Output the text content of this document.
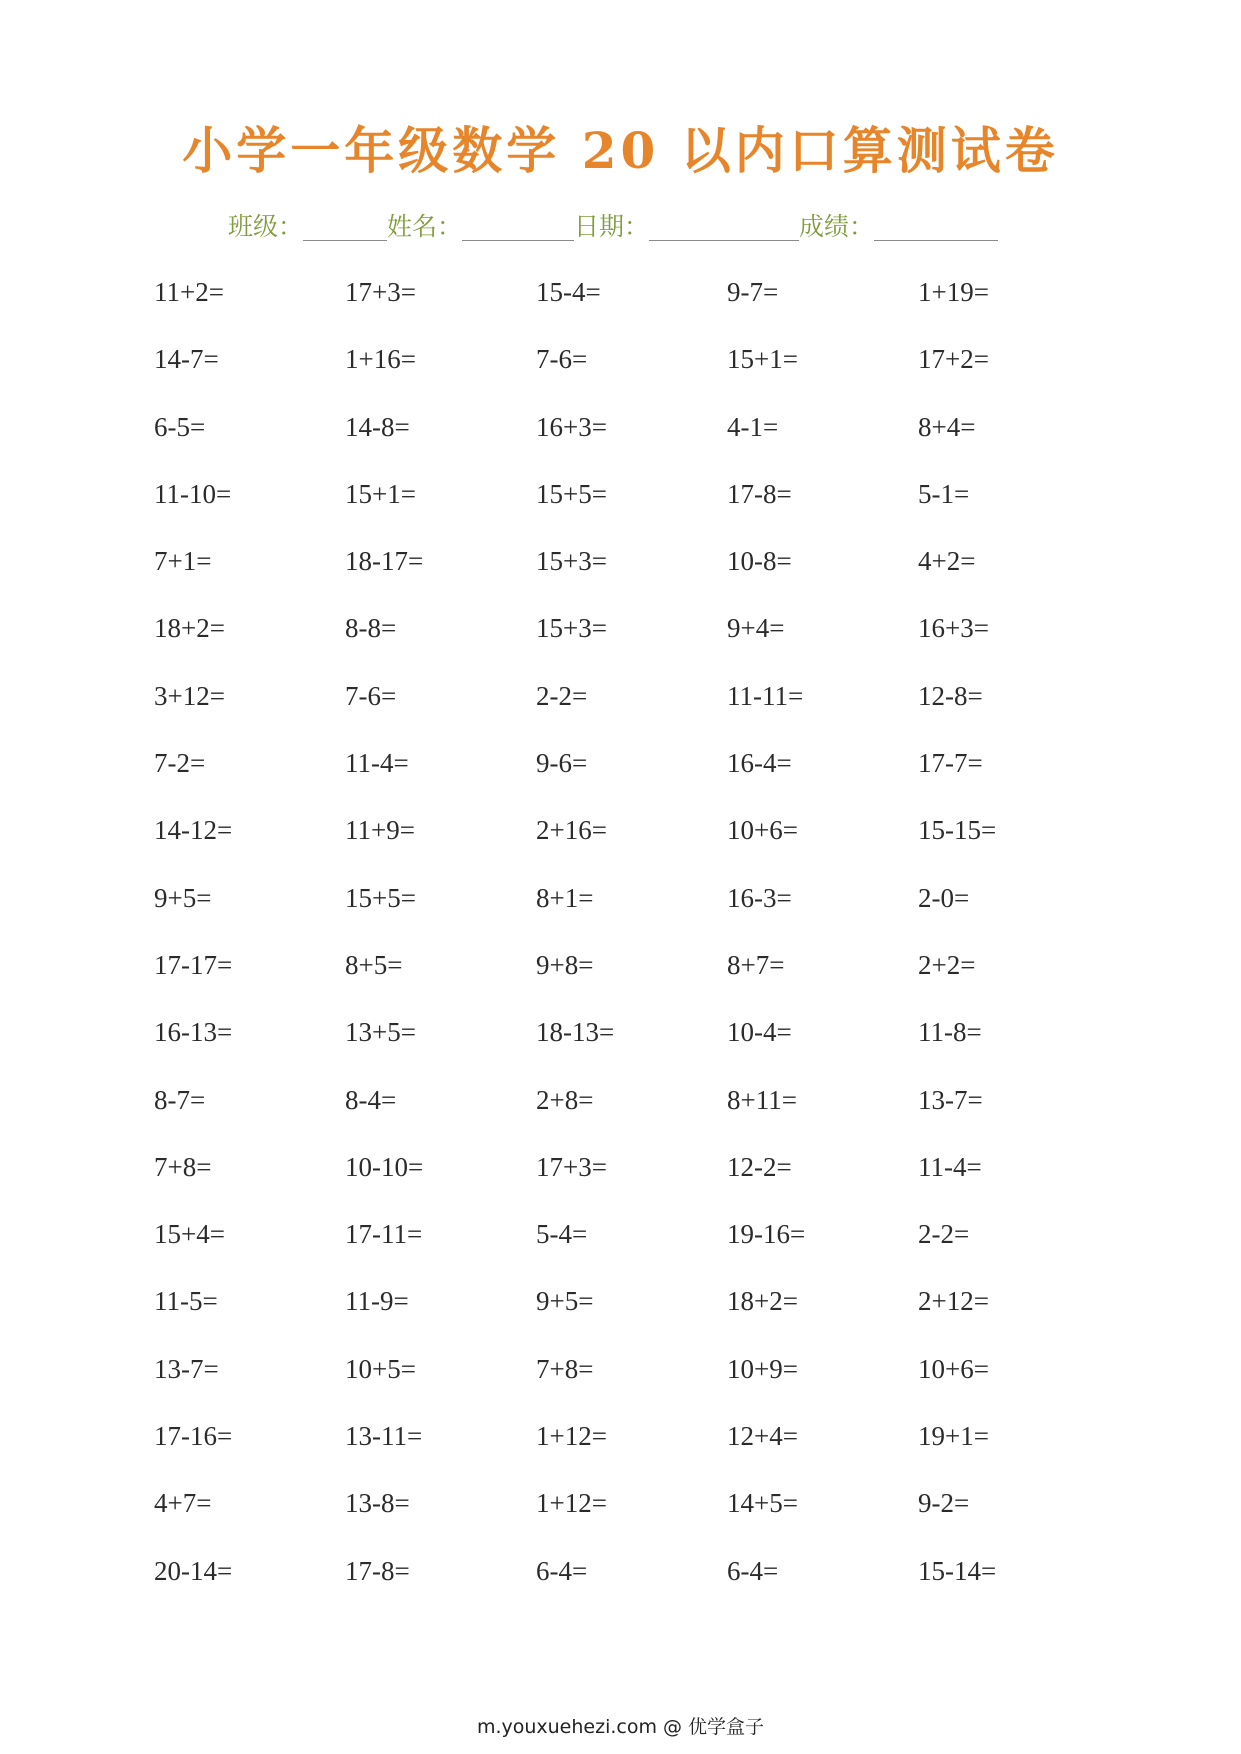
小学一年级数学 20 以内口算测试卷
班级：	姓名：	日期：	成绩：
11+2=	17+3=	15-4=	9-7=	1+19=
14-7=	1+16=	7-6=	15+1=	17+2=
6-5=	14-8=	16+3=	4-1=	8+4=
11-10=	15+1=	15+5=	17-8=	5-1=
7+1=	18-17=	15+3=	10-8=	4+2=
18+2=	8-8=	15+3=	9+4=	16+3=
3+12=	7-6=	2-2=	11-11=	12-8=
7-2=	11-4=	9-6=	16-4=	17-7=
14-12=	11+9=	2+16=	10+6=	15-15=
9+5=	15+5=	8+1=	16-3=	2-0=
17-17=	8+5=	9+8=	8+7=	2+2=
16-13=	13+5=	18-13=	10-4=	11-8=
8-7=	8-4=	2+8=	8+11=	13-7=
7+8=	10-10=	17+3=	12-2=	11-4=
15+4=	17-11=	5-4=	19-16=	2-2=
11-5=	11-9=	9+5=	18+2=	2+12=
13-7=	10+5=	7+8=	10+9=	10+6=
17-16=	13-11=	1+12=	12+4=	19+1=
4+7=	13-8=	1+12=	14+5=	9-2=
20-14=	17-8=	6-4=	6-4=	15-14=
m.youxuehezi.com @ 优学盒子
